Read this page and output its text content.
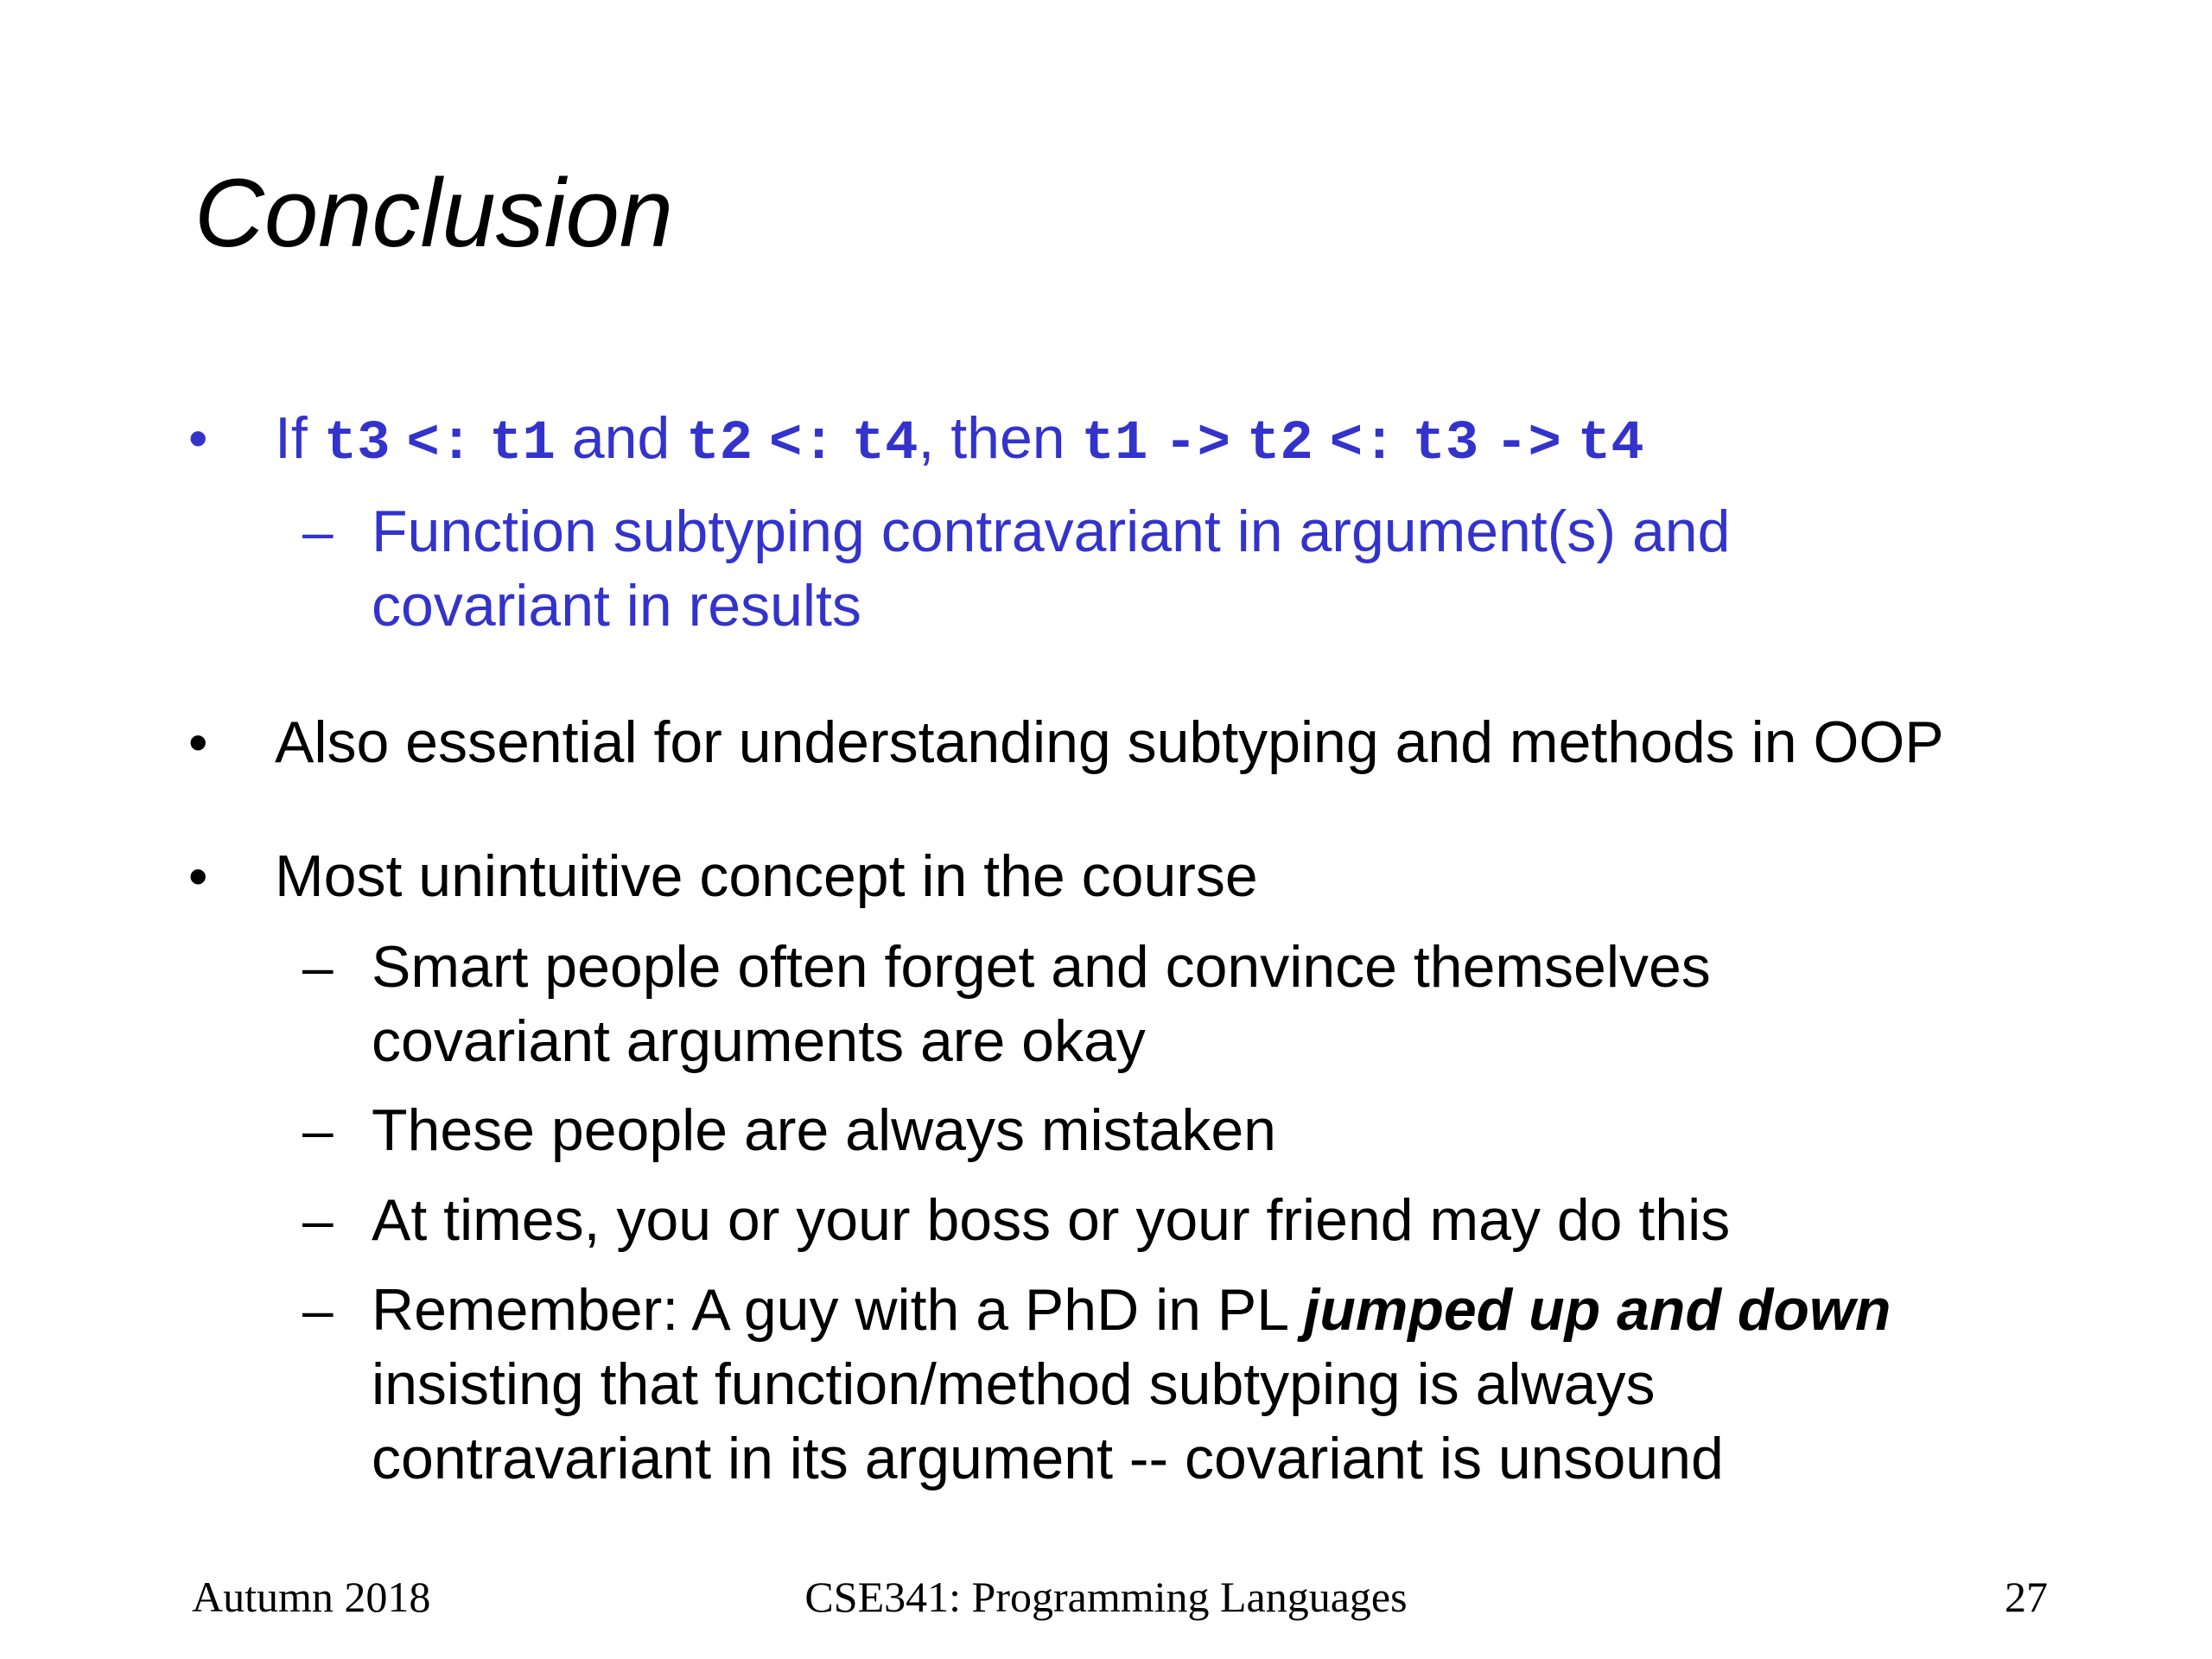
Conclusion
• If t3 <: t1 and t2 <: t4, then t1 -> t2 <: t3 -> t4
– Function subtyping contravariant in argument(s) and
covariant in results
• Also essential for understanding subtyping and methods in OOP
• Most unintuitive concept in the course
– Smart people often forget and convince themselves
covariant arguments are okay
– These people are always mistaken
– At times, you or your boss or your friend may do this
– Remember: A guy with a PhD in PL jumped up and down
insisting that function/method subtyping is always
contravariant in its argument -- covariant is unsound
Autumn 2018	CSE341: Programming Languages	27
